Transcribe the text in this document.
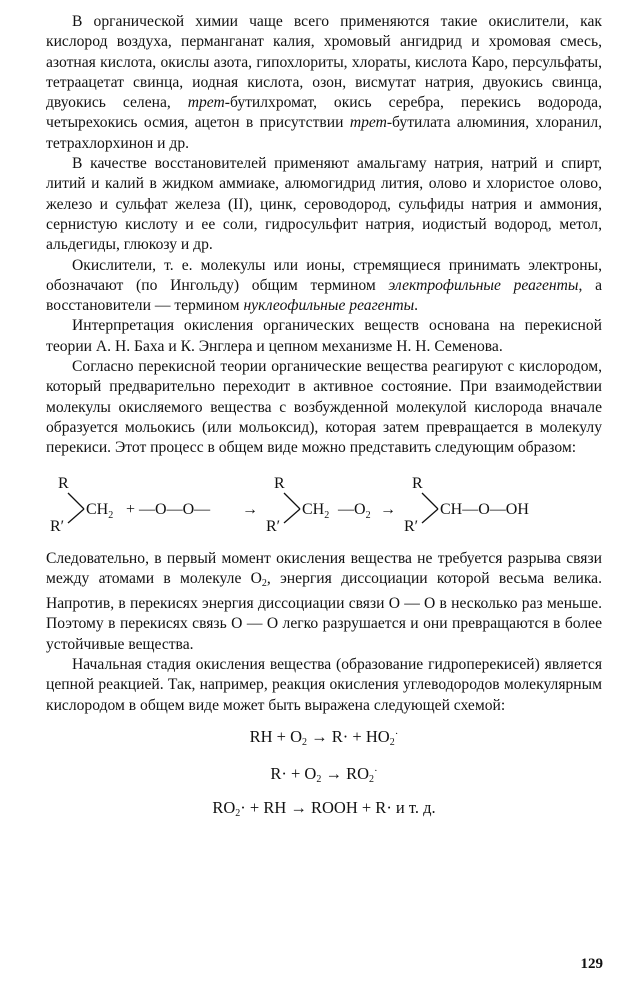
В органической химии чаще всего применяются такие окислители, как кислород воздуха, перманганат калия, хромовый ангидрид и хромовая смесь, азотная кислота, окислы азота, гипохлориты, хлораты, кислота Каро, персульфаты, тетраацетат свинца, иодная кислота, озон, висмутат натрия, двуокись свинца, двуокись селена, трет-бутилхромат, окись серебра, перекись водорода, четырехокись осмия, ацетон в присутствии трет-бутилата алюминия, хлоранил, тетрахлорхинон и др.

В качестве восстановителей применяют амальгаму натрия, натрий и спирт, литий и калий в жидком аммиаке, алюмогидрид лития, олово и хлористое олово, железо и сульфат железа (II), цинк, сероводород, сульфиды натрия и аммония, сернистую кислоту и ее соли, гидросульфит натрия, иодистый водород, метол, альдегиды, глюкозу и др.

Окислители, т. е. молекулы или ионы, стремящиеся принимать электроны, обозначают (по Ингольду) общим термином электрофильные реагенты, а восстановители — термином нуклеофильные реагенты.

Интерпретация окисления органических веществ основана на перекисной теории А. Н. Баха и К. Энглера и цепном механизме Н. Н. Семенова.

Согласно перекисной теории органические вещества реагируют с кислородом, который предварительно переходит в активное состояние. При взаимодействии молекулы окисляемого вещества с возбужденной молекулой кислорода вначале образуется мольокись (или мольоксид), которая затем превращается в молекулу перекиси. Этот процесс в общем виде можно представить следующим образом:

R
R′
$CH_2$ + —O—O— →
R
R′
$CH_2$ $—O_2$ →
R
R′
CH—O—OH

Следовательно, в первый момент окисления вещества не требуется разрыва связи между атомами в молекуле $O_2$, энергия диссоциации которой весьма велика. Напротив, в перекисях энергия диссоциации связи O — O в несколько раз меньше. Поэтому в перекисях связь O — O легко разрушается и они превращаются в более устойчивые вещества.

Начальная стадия окисления вещества (образование гидроперекисей) является цепной реакцией. Так, например, реакция окисления углеводородов молекулярным кислородом в общем виде может быть выражена следующей схемой:

RH + $O_2 \to R\cdot + HO_2^\cdot$
$R\cdot + O_2 \to RO_2^\cdot$
$RO_2\cdot$ + RH → ROOH + R· и т. д.
129
